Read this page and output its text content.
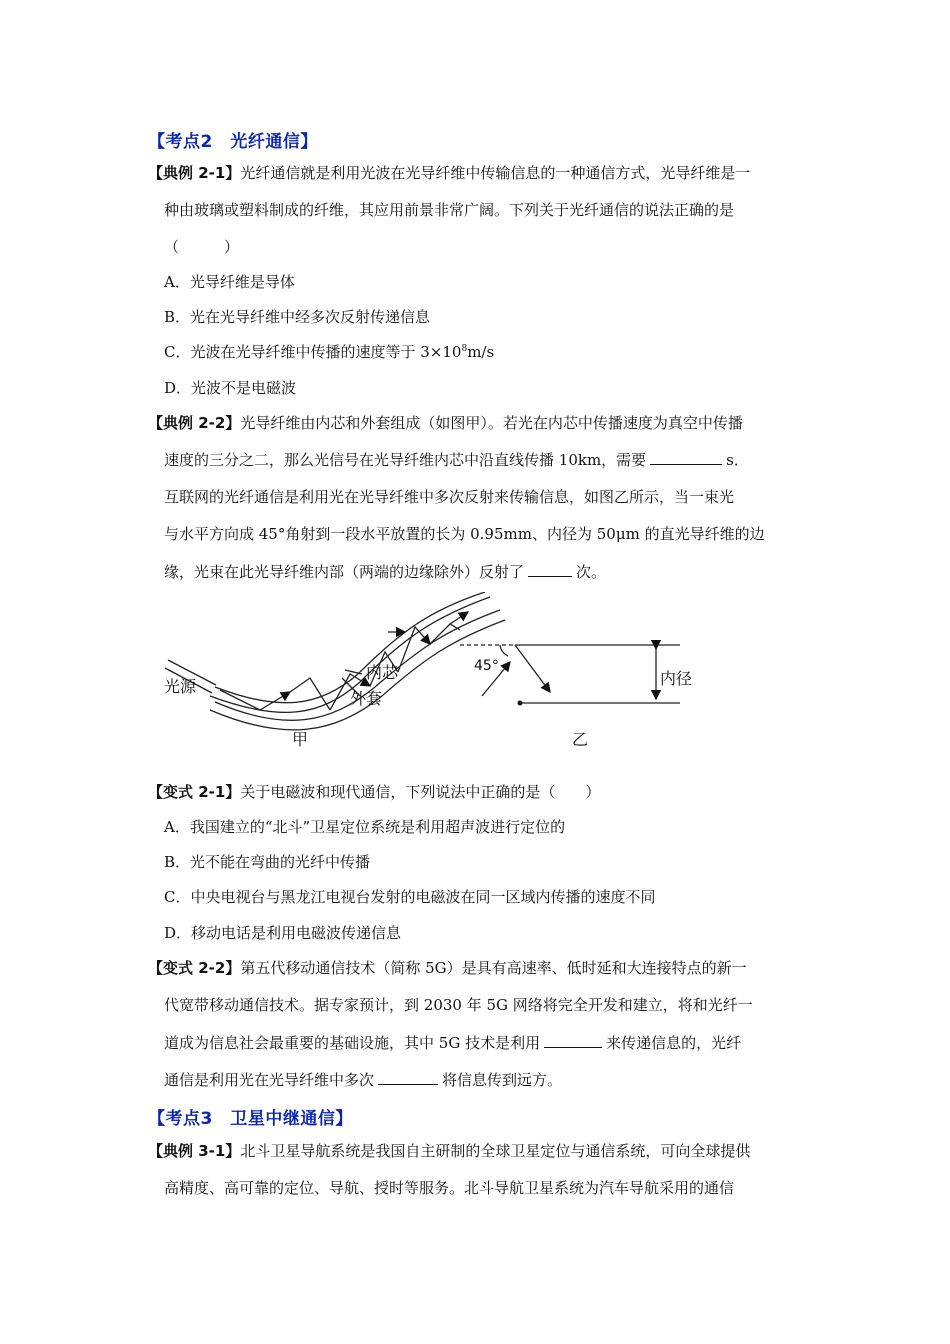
【考点2　光纤通信】
【典例 2-1】光纤通信就是利用光波在光导纤维中传输信息的一种通信方式，光导纤维是一
种由玻璃或塑料制成的纤维，其应用前景非常广阔。下列关于光纤通信的说法正确的是
（　　　）
A．光导纤维是导体
B．光在光导纤维中经多次反射传递信息
C．光波在光导纤维中传播的速度等于 $3\times 10^8m/s$
D．光波不是电磁波
【典例 2-2】光导纤维由内芯和外套组成（如图甲）。若光在内芯中传播速度为真空中传播
速度的三分之二，那么光信号在光导纤维内芯中沿直线传播 10km，需要	s．
互联网的光纤通信是利用光在光导纤维中多次反射来传输信息，如图乙所示，当一束光
与水平方向成 45°角射到一段水平放置的长为 0.95mm、内径为 50μm 的直光导纤维的边
缘，光束在此光导纤维内部（两端的边缘除外）反射了	次。
光源
内芯
外套
甲
45°
内径
乙
【变式 2-1】关于电磁波和现代通信，下列说法中正确的是（　　）
A．我国建立的“北斗”卫星定位系统是利用超声波进行定位的
B．光不能在弯曲的光纤中传播
C．中央电视台与黑龙江电视台发射的电磁波在同一区域内传播的速度不同
D．移动电话是利用电磁波传递信息
【变式 2-2】第五代移动通信技术（简称 5G）是具有高速率、低时延和大连接特点的新一
代宽带移动通信技术。据专家预计，到 2030 年 5G 网络将完全开发和建立，将和光纤一
道成为信息社会最重要的基础设施，其中 5G 技术是利用	来传递信息的，光纤
通信是利用光在光导纤维中多次	将信息传到远方。
【考点3　卫星中继通信】
【典例 3-1】北斗卫星导航系统是我国自主研制的全球卫星定位与通信系统，可向全球提供
高精度、高可靠的定位、导航、授时等服务。北斗导航卫星系统为汽车导航采用的通信
